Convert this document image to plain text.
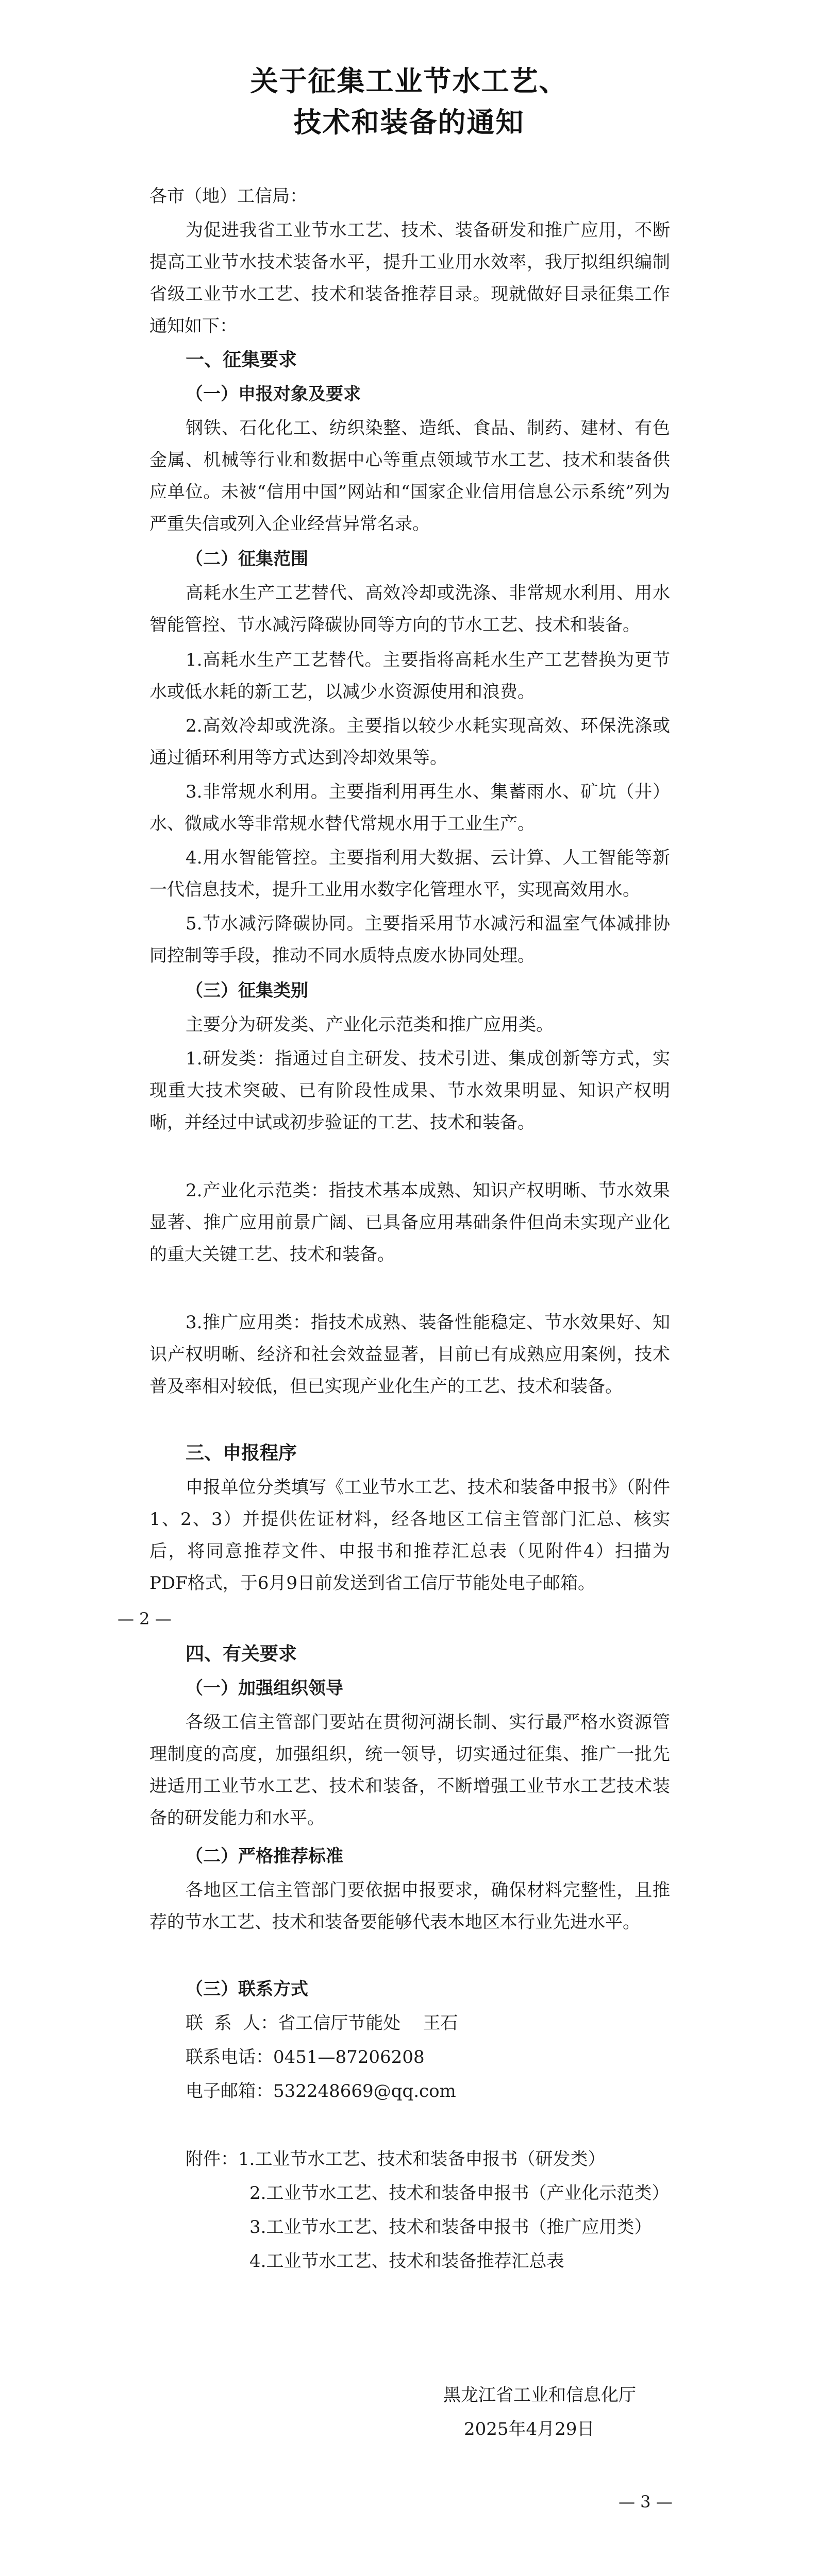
关于征集工业节水工艺、
技术和装备的通知

各市（地）工信局：

为促进我省工业节水工艺、技术、装备研发和推广应用，不断提高工业节水技术装备水平，提升工业用水效率，我厅拟组织编制省级工业节水工艺、技术和装备推荐目录。现就做好目录征集工作通知如下：

一、征集要求
（一）申报对象及要求

钢铁、石化化工、纺织染整、造纸、食品、制药、建材、有色金属、机械等行业和数据中心等重点领域节水工艺、技术和装备供应单位。未被“信用中国”网站和“国家企业信用信息公示系统”列为严重失信或列入企业经营异常名录。

（二）征集范围

高耗水生产工艺替代、高效冷却或洗涤、非常规水利用、用水智能管控、节水减污降碳协同等方向的节水工艺、技术和装备。

1.高耗水生产工艺替代。主要指将高耗水生产工艺替换为更节水或低水耗的新工艺，以减少水资源使用和浪费。

2.高效冷却或洗涤。主要指以较少水耗实现高效、环保洗涤或通过循环利用等方式达到冷却效果等。

3.非常规水利用。主要指利用再生水、集蓄雨水、矿坑（井）水、微咸水等非常规水替代常规水用于工业生产。

4.用水智能管控。主要指利用大数据、云计算、人工智能等新一代信息技术，提升工业用水数字化管理水平，实现高效用水。

5.节水减污降碳协同。主要指采用节水减污和温室气体减排协同控制等手段，推动不同水质特点废水协同处理。

（三）征集类别

主要分为研发类、产业化示范类和推广应用类。

1.研发类：指通过自主研发、技术引进、集成创新等方式，实现重大技术突破、已有阶段性成果、节水效果明显、知识产权明晰，并经过中试或初步验证的工艺、技术和装备。

2.产业化示范类：指技术基本成熟、知识产权明晰、节水效果显著、推广应用前景广阔、已具备应用基础条件但尚未实现产业化的重大关键工艺、技术和装备。

3.推广应用类：指技术成熟、装备性能稳定、节水效果好、知识产权明晰、经济和社会效益显著，目前已有成熟应用案例，技术普及率相对较低，但已实现产业化生产的工艺、技术和装备。

三、申报程序

申报单位分类填写《工业节水工艺、技术和装备申报书》（附件1、2、3）并提供佐证材料，经各地区工信主管部门汇总、核实后，将同意推荐文件、申报书和推荐汇总表（见附件4）扫描为PDF格式，于6月9日前发送到省工信厅节能处电子邮箱。

— 2 —
四、有关要求
（一）加强组织领导

各级工信主管部门要站在贯彻河湖长制、实行最严格水资源管理制度的高度，加强组织，统一领导，切实通过征集、推广一批先进适用工业节水工艺、技术和装备，不断增强工业节水工艺技术装备的研发能力和水平。

（二）严格推荐标准

各地区工信主管部门要依据申报要求，确保材料完整性，且推荐的节水工艺、技术和装备要能够代表本地区本行业先进水平。

（三）联系方式
联  系  人：省工信厅节能处    王石
联系电话：0451—87206208
电子邮箱：532248669@qq.com
附件： 1.工业节水工艺、技术和装备申报书（研发类）
2.工业节水工艺、技术和装备申报书（产业化示范类）
3.工业节水工艺、技术和装备申报书（推广应用类）
4.工业节水工艺、技术和装备推荐汇总表
黑龙江省工业和信息化厅
2025年4月29日
— 3 —
